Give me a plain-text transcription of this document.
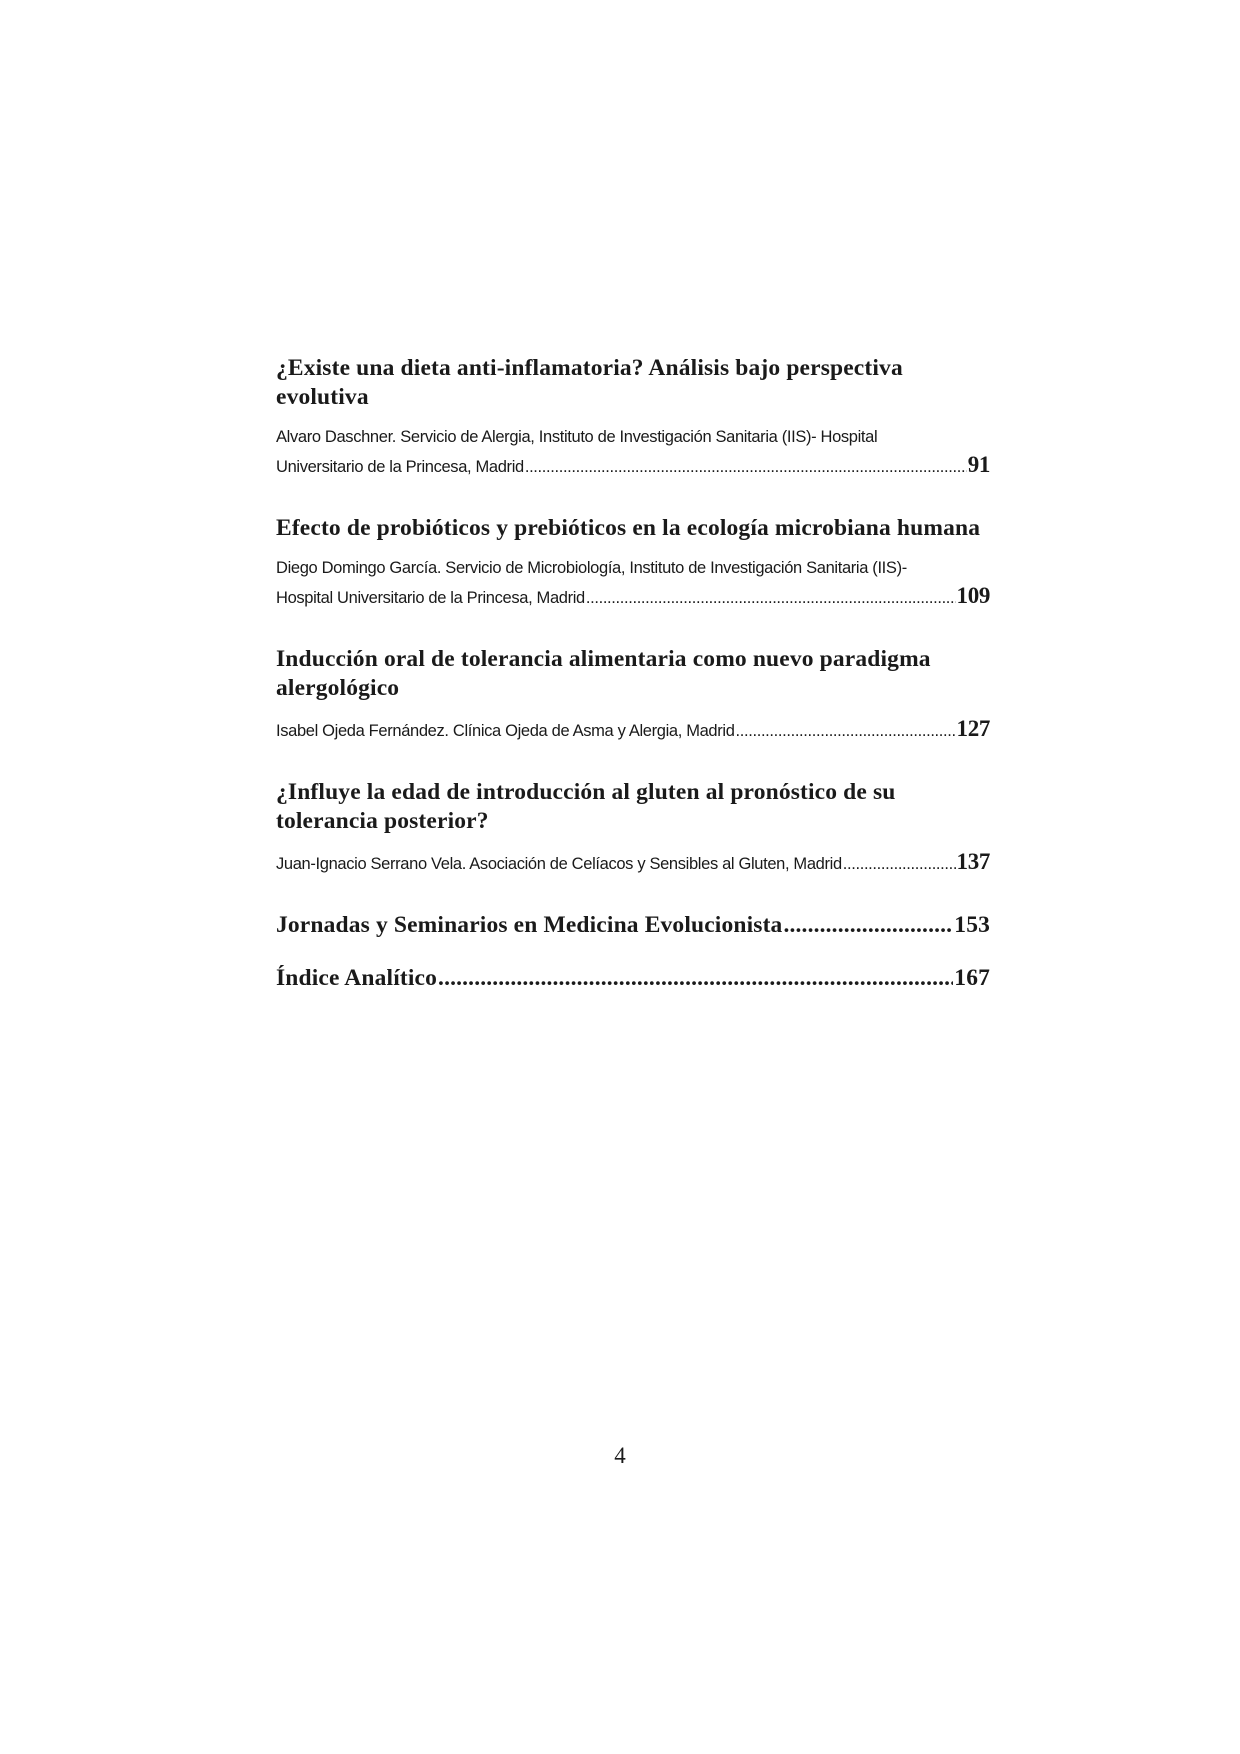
¿Existe una dieta anti-inflamatoria? Análisis bajo perspectiva evolutiva
Alvaro Daschner. Servicio de Alergia, Instituto de Investigación Sanitaria (IIS)- Hospital
Universitario de la Princesa, Madrid .....	91
Efecto de probióticos y prebióticos en la ecología microbiana humana
Diego Domingo García. Servicio de Microbiología, Instituto de Investigación Sanitaria (IIS)-
Hospital Universitario de la Princesa, Madrid .....	109
Inducción oral de tolerancia alimentaria como nuevo paradigma alergológico
Isabel Ojeda Fernández. Clínica Ojeda de Asma y Alergia, Madrid .....	127
¿Influye la edad de introducción al gluten al pronóstico de su tolerancia posterior?
Juan-Ignacio Serrano Vela. Asociación de Celíacos y Sensibles al Gluten, Madrid .....	137
Jornadas y Seminarios en Medicina Evolucionista .....	153
Índice Analítico .....	167
4
